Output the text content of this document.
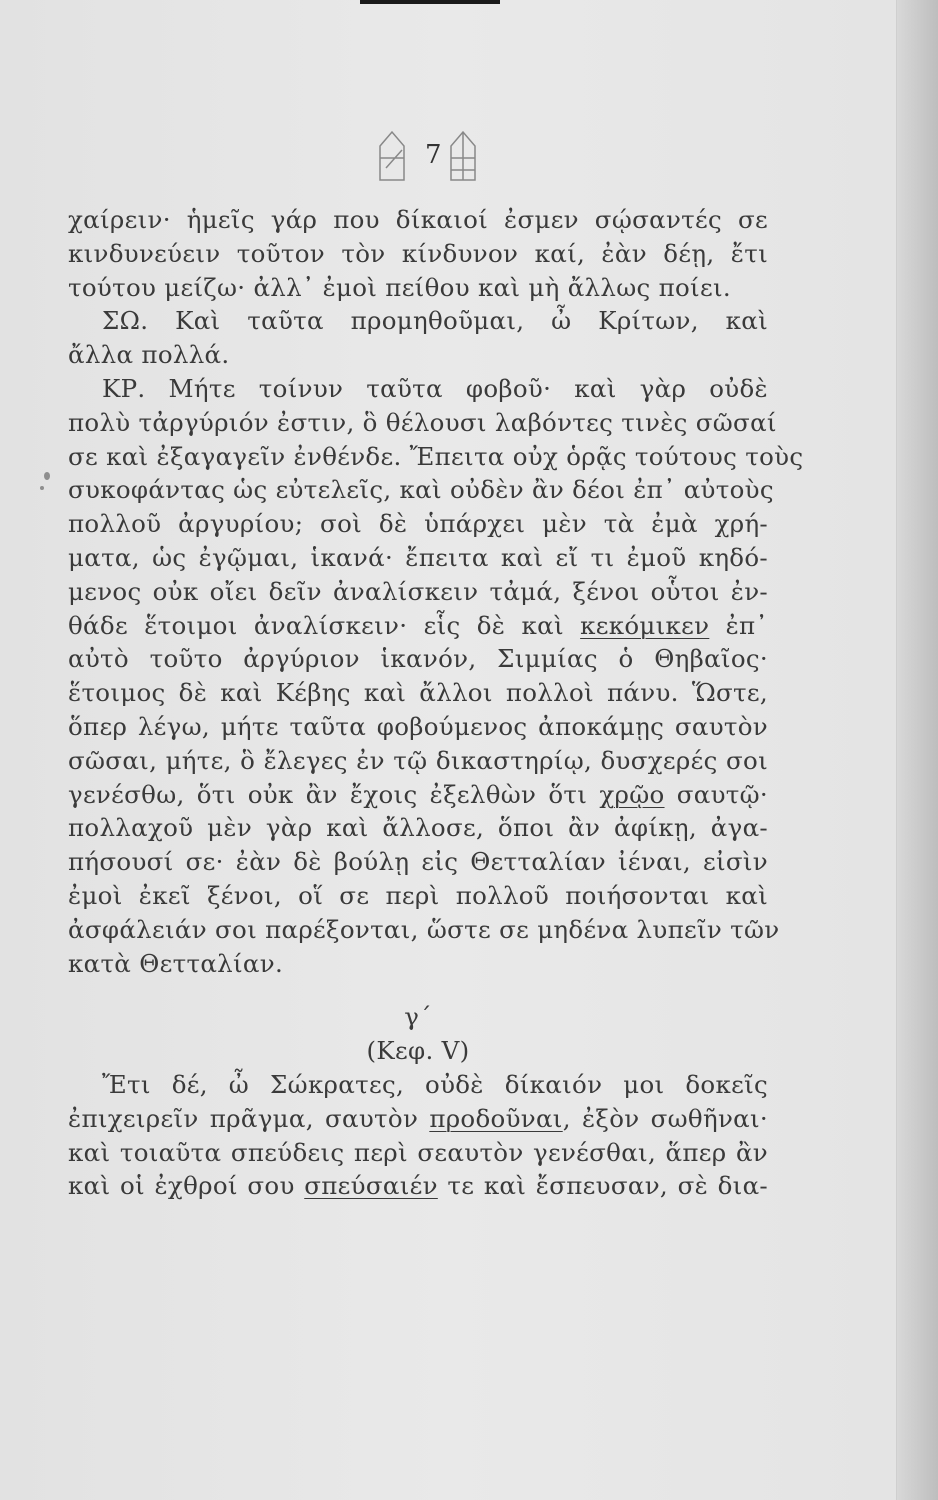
7
χαίρειν· ἡμεῖς γάρ που δίκαιοί ἐσμεν σῴσαντές σε
κινδυνεύειν τοῦτον τὸν κίνδυνον καί, ἐὰν δέῃ, ἔτι
τούτου μείζω· ἀλλ᾽ ἐμοὶ πείθου καὶ μὴ ἄλλως ποίει.
ΣΩ. Καὶ ταῦτα προμηθοῦμαι, ὦ Κρίτων, καὶ
ἄλλα πολλά.
ΚΡ. Μήτε τοίνυν ταῦτα φοβοῦ· καὶ γὰρ οὐδὲ
πολὺ τἀργύριόν ἐστιν, ὃ θέλουσι λαβόντες τινὲς σῶσαί
σε καὶ ἐξαγαγεῖν ἐνθένδε. Ἔπειτα οὐχ ὁρᾷς τούτους τοὺς
συκοφάντας ὡς εὐτελεῖς, καὶ οὐδὲν ἂν δέοι ἐπ᾽ αὐτοὺς
πολλοῦ ἀργυρίου; σοὶ δὲ ὑπάρχει μὲν τὰ ἐμὰ χρή-
ματα, ὡς ἐγῷμαι, ἱκανά· ἔπειτα καὶ εἴ τι ἐμοῦ κηδό-
μενος οὐκ οἴει δεῖν ἀναλίσκειν τἀμά, ξένοι οὗτοι ἐν-
θάδε ἕτοιμοι ἀναλίσκειν· εἷς δὲ καὶ κεκόμικεν ἐπ᾽
αὐτὸ τοῦτο ἀργύριον ἱκανόν, Σιμμίας ὁ Θηβαῖος·
ἕτοιμος δὲ καὶ Κέβης καὶ ἄλλοι πολλοὶ πάνυ. Ὥστε,
ὅπερ λέγω, μήτε ταῦτα φοβούμενος ἀποκάμῃς σαυτὸν
σῶσαι, μήτε, ὃ ἔλεγες ἐν τῷ δικαστηρίῳ, δυσχερές σοι
γενέσθω, ὅτι οὐκ ἂν ἔχοις ἐξελθὼν ὅτι χρῷο σαυτῷ·
πολλαχοῦ μὲν γὰρ καὶ ἄλλοσε, ὅποι ἂν ἀφίκῃ, ἀγα-
πήσουσί σε· ἐὰν δὲ βούλῃ εἰς Θετταλίαν ἰέναι, εἰσὶν
ἐμοὶ ἐκεῖ ξένοι, οἵ σε περὶ πολλοῦ ποιήσονται καὶ
ἀσφάλειάν σοι παρέξονται, ὥστε σε μηδένα λυπεῖν τῶν
κατὰ Θετταλίαν.
γ΄
(Κεφ. V)
Ἔτι δέ, ὦ Σώκρατες, οὐδὲ δίκαιόν μοι δοκεῖς
ἐπιχειρεῖν πρᾶγμα, σαυτὸν προδοῦναι, ἐξὸν σωθῆναι·
καὶ τοιαῦτα σπεύδεις περὶ σεαυτὸν γενέσθαι, ἅπερ ἂν
καὶ οἱ ἐχθροί σου σπεύσαιέν τε καὶ ἔσπευσαν, σὲ δια-
